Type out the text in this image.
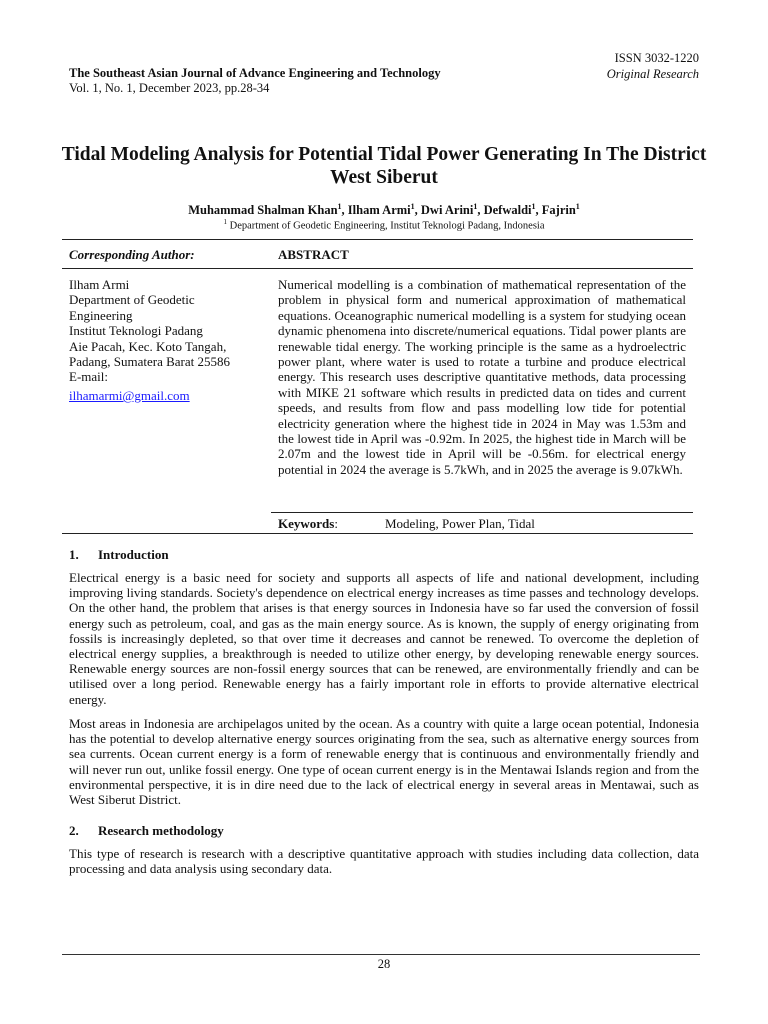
ISSN 3032-1220
Original Research
The Southeast Asian Journal of Advance Engineering and Technology
Vol. 1, No. 1, December 2023, pp.28-34
Tidal Modeling Analysis for Potential Tidal Power Generating In The District West Siberut
Muhammad Shalman Khan$^1$, Ilham Armi$^1$, Dwi Arini$^1$, Defwaldi$^1$, Fajrin$^1$
$^1$ Department of Geodetic Engineering, Institut Teknologi Padang, Indonesia
Corresponding Author:	ABSTRACT
Ilham Armi
Department of Geodetic
Engineering
Institut Teknologi Padang
Aie Pacah, Kec. Koto Tangah,
Padang, Sumatera Barat 25586
E-mail:
ilhamarmi@gmail.com
Numerical modelling is a combination of mathematical representation of the problem in physical form and numerical approximation of mathematical equations. Oceanographic numerical modelling is a system for studying ocean dynamic phenomena into discrete/numerical equations. Tidal power plants are renewable tidal energy. The working principle is the same as a hydroelectric power plant, where water is used to rotate a turbine and produce electrical energy. This research uses descriptive quantitative methods, data processing with MIKE 21 software which results in predicted data on tides and current speeds, and results from flow and pass modelling low tide for potential electricity generation where the highest tide in 2024 in May was 1.53m and the lowest tide in April was -0.92m. In 2025, the highest tide in March will be 2.07m and the lowest tide in April will be -0.56m. for electrical energy potential in 2024 the average is 5.7kWh, and in 2025 the average is 9.07kWh.
Keywords:	Modeling, Power Plan, Tidal
1. Introduction
Electrical energy is a basic need for society and supports all aspects of life and national development, including improving living standards. Society's dependence on electrical energy increases as time passes and technology develops. On the other hand, the problem that arises is that energy sources in Indonesia have so far used the conversion of fossil energy such as petroleum, coal, and gas as the main energy source. As is known, the supply of energy originating from fossils is increasingly depleted, so that over time it decreases and cannot be renewed. To overcome the depletion of electrical energy supplies, a breakthrough is needed to utilize other energy, by developing renewable energy sources. Renewable energy sources are non-fossil energy sources that can be renewed, are environmentally friendly and can be utilised over a long period. Renewable energy has a fairly important role in efforts to provide alternative electrical energy.
Most areas in Indonesia are archipelagos united by the ocean. As a country with quite a large ocean potential, Indonesia has the potential to develop alternative energy sources originating from the sea, such as alternative energy sources from sea currents. Ocean current energy is a form of renewable energy that is continuous and environmentally friendly and will never run out, unlike fossil energy. One type of ocean current energy is in the Mentawai Islands region and from the environmental perspective, it is in dire need due to the lack of electrical energy in several areas in Mentawai, such as West Siberut District.
2. Research methodology
This type of research is research with a descriptive quantitative approach with studies including data collection, data processing and data analysis using secondary data.
28
